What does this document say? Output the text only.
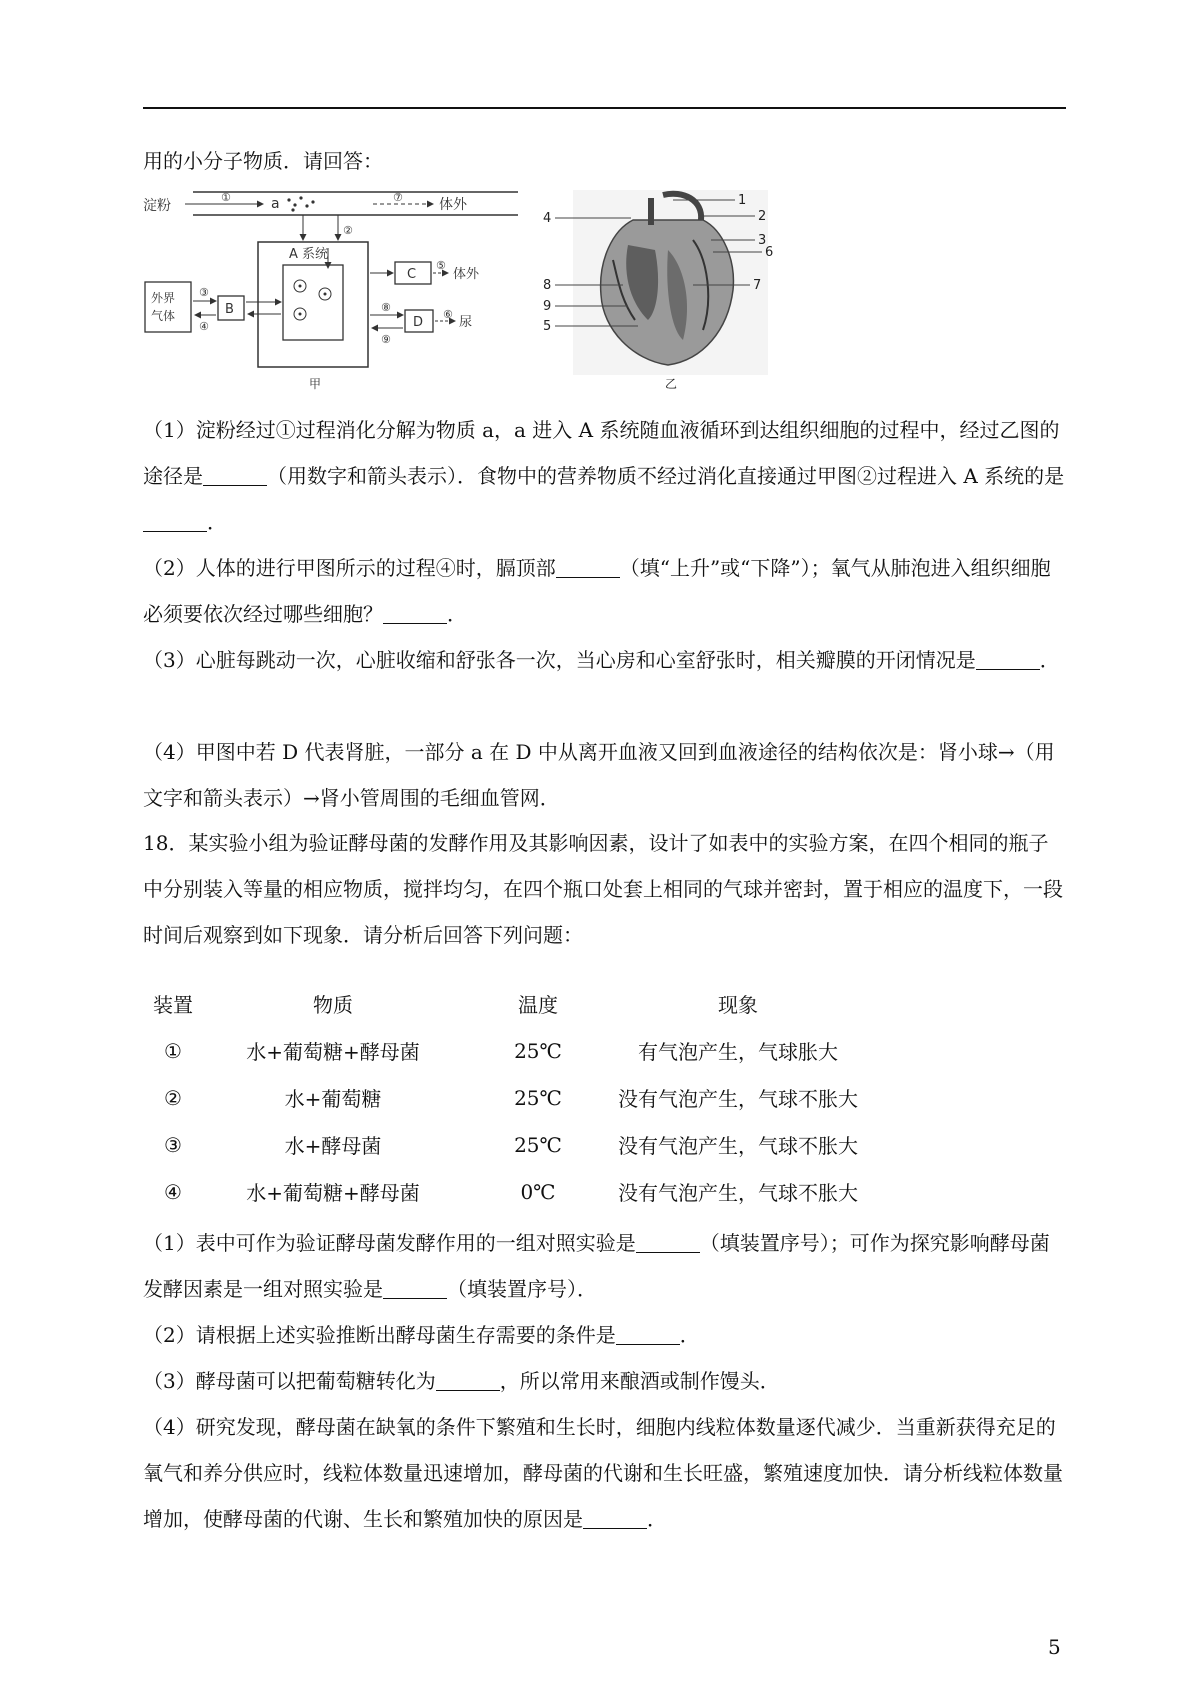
用的小分子物质．请回答：

淀粉
①	a	⑦	体外
②
A 系统
外界 气体	B
③
④
C
⑤
体外
D
⑧
⑨
⑥
尿
甲
4
8
9
5
1
2
3
6
7
乙

（1）淀粉经过①过程消化分解为物质 a，a 进入 A 系统随血液循环到达组织细胞的过程中，经过乙图的途径是	（用数字和箭头表示）．食物中的营养物质不经过消化直接通过甲图②过程进入 A 系统的是．

（2）人体的进行甲图所示的过程④时，膈顶部	（填“上升”或“下降”）；氧气从肺泡进入组织细胞必须要依次经过哪些细胞？	．

（3）心脏每跳动一次，心脏收缩和舒张各一次，当心房和心室舒张时，相关瓣膜的开闭情况是	．

（4）甲图中若 D 代表肾脏，一部分 a 在 D 中从离开血液又回到血液途径的结构依次是：肾小球→（用文字和箭头表示）→肾小管周围的毛细血管网．

18．某实验小组为验证酵母菌的发酵作用及其影响因素，设计了如表中的实验方案，在四个相同的瓶子中分别装入等量的相应物质，搅拌均匀，在四个瓶口处套上相同的气球并密封，置于相应的温度下，一段时间后观察到如下现象．请分析后回答下列问题：

装置	物质	温度	现象
①	水+葡萄糖+酵母菌	25℃	有气泡产生，气球胀大
②	水+葡萄糖	25℃	没有气泡产生，气球不胀大
③	水+酵母菌	25℃	没有气泡产生，气球不胀大
④	水+葡萄糖+酵母菌	0℃	没有气泡产生，气球不胀大

（1）表中可作为验证酵母菌发酵作用的一组对照实验是	（填装置序号）；可作为探究影响酵母菌发酵因素是一组对照实验是	（填装置序号）．

（2）请根据上述实验推断出酵母菌生存需要的条件是	．

（3）酵母菌可以把葡萄糖转化为	，所以常用来酿酒或制作馒头．

（4）研究发现，酵母菌在缺氧的条件下繁殖和生长时，细胞内线粒体数量逐代减少．当重新获得充足的氧气和养分供应时，线粒体数量迅速增加，酵母菌的代谢和生长旺盛，繁殖速度加快．请分析线粒体数量增加，使酵母菌的代谢、生长和繁殖加快的原因是	．

5
